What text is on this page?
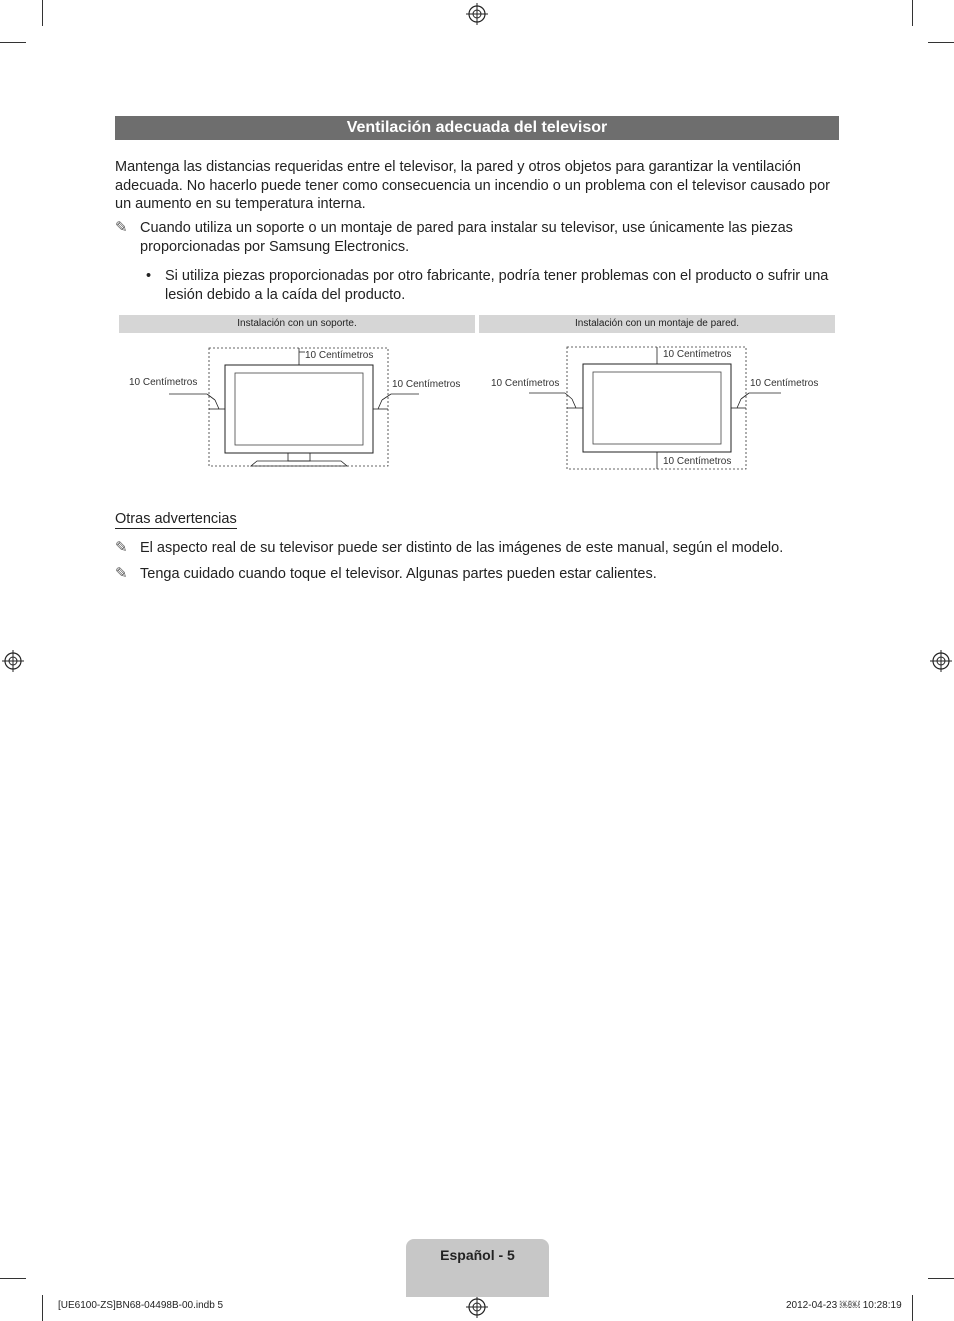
Ventilación adecuada del televisor
Mantenga las distancias requeridas entre el televisor, la pared y otros objetos para garantizar la ventilación adecuada. No hacerlo puede tener como consecuencia un incendio o un problema con el televisor causado por un aumento en su temperatura interna.
✎ Cuando utiliza un soporte o un montaje de pared para instalar su televisor, use únicamente las piezas proporcionadas por Samsung Electronics.
• Si utiliza piezas proporcionadas por otro fabricante, podría tener problemas con el producto o sufrir una lesión debido a la caída del producto.
Instalación con un soporte.	Instalación con un montaje de pared.
10 Centímetros
10 Centímetros	10 Centímetros
10 Centímetros
10 Centímetros	10 Centímetros
10 Centímetros
Otras advertencias
✎ El aspecto real de su televisor puede ser distinto de las imágenes de este manual, según el modelo.
✎ Tenga cuidado cuando toque el televisor. Algunas partes pueden estar calientes.
Español - 5
[UE6100-ZS]BN68-04498B-00.indb 5	2012-04-23 ￼￼ 10:28:19
